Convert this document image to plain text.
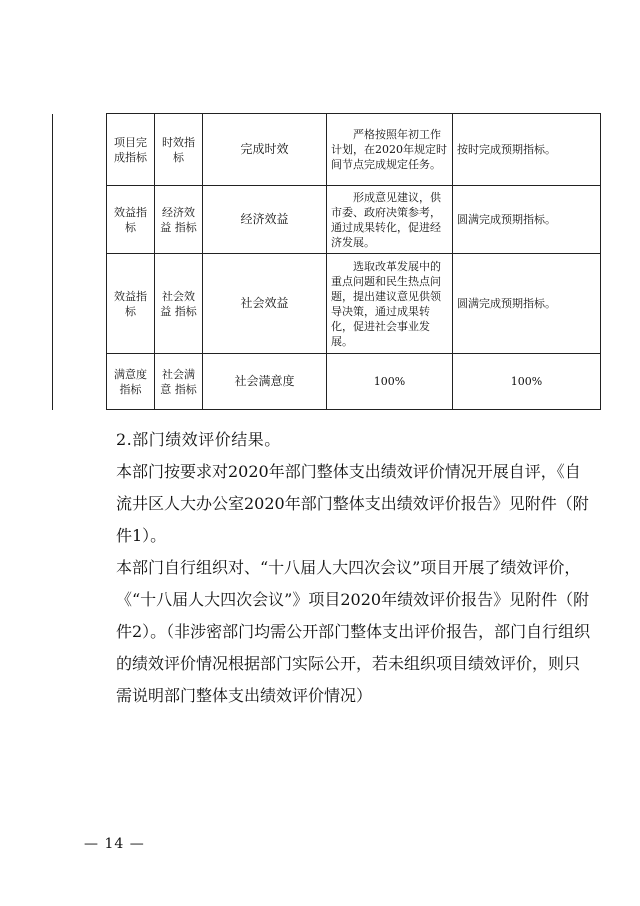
	项目完成指标	时效指标	完成时效	严格按照年初工作计划，在2020年规定时间节点完成规定任务。	按时完成预期指标。
	效益指标	经济效益 指标	经济效益	形成意见建议，供市委、政府决策参考，通过成果转化，促进经济发展。	圆满完成预期指标。
	效益指标	社会效益 指标	社会效益	选取改革发展中的重点问题和民生热点问题，提出建议意见供领导决策，通过成果转化，促进社会事业发展。	圆满完成预期指标。
	满意度指标	社会满意 指标	社会满意度	100%	100%
2.部门绩效评价结果。
本部门按要求对2020年部门整体支出绩效评价情况开展自评，《自流井区人大办公室2020年部门整体支出绩效评价报告》见附件（附件1）。
本部门自行组织对、“十八届人大四次会议”项目开展了绩效评价，《“十八届人大四次会议”》项目2020年绩效评价报告》见附件（附件2）。（非涉密部门均需公开部门整体支出评价报告，部门自行组织的绩效评价情况根据部门实际公开，若未组织项目绩效评价，则只需说明部门整体支出绩效评价情况）
— 14 —
